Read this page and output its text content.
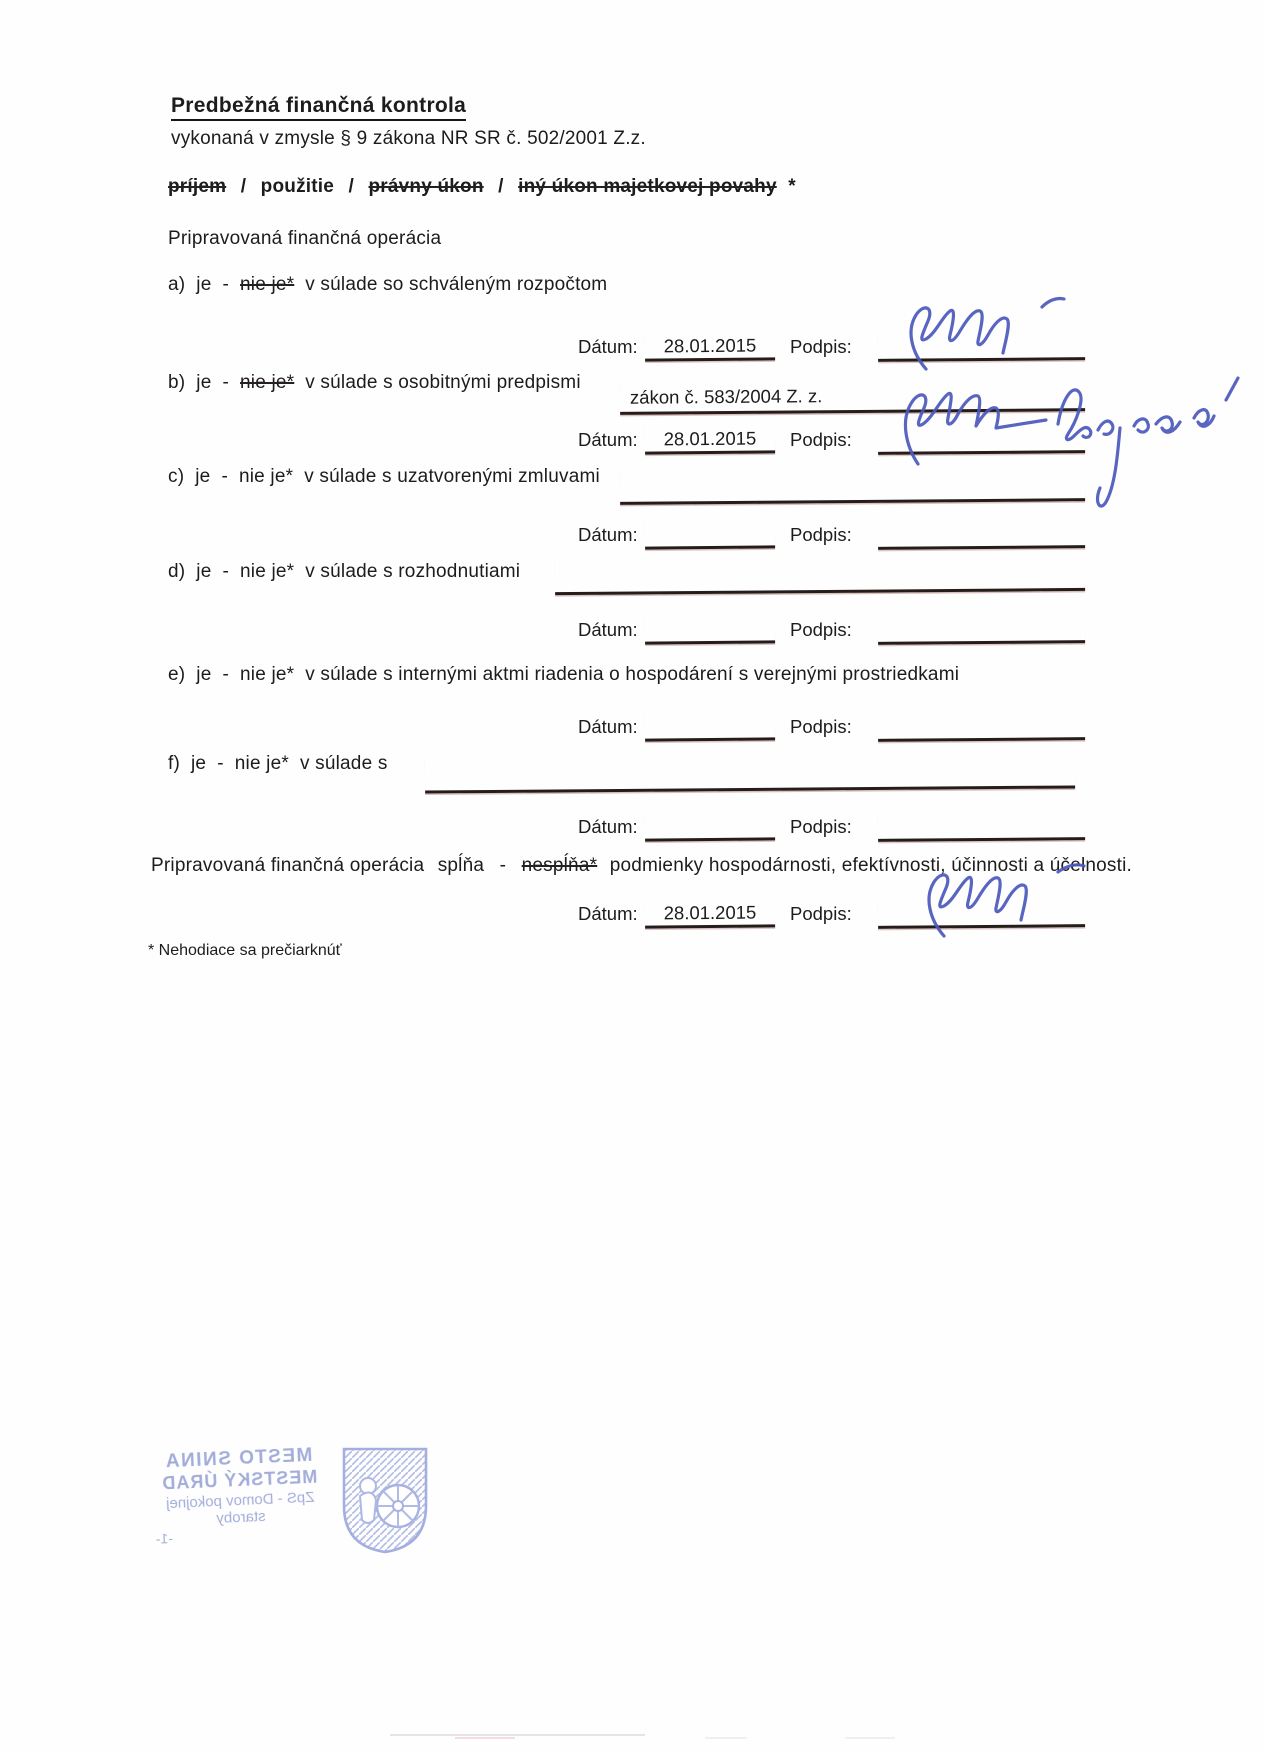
Predbežná finančná kontrola
vykonaná v zmysle § 9 zákona NR SR č. 502/2001 Z.z.
príjem / použitie / právny úkon / iný úkon majetkovej povahy *
Pripravovaná finančná operácia
a) je - nie je* v súlade so schváleným rozpočtom
Dátum:	28.01.2015	Podpis:
b) je - nie je* v súlade s osobitnými predpismi
zákon č. 583/2004 Z. z.
Dátum:	28.01.2015	Podpis:
c) je - nie je* v súlade s uzatvorenými zmluvami
Dátum:	Podpis:
d) je - nie je* v súlade s rozhodnutiami
Dátum:	Podpis:
e) je - nie je* v súlade s internými aktmi riadenia o hospodárení s verejnými prostriedkami
Dátum:	Podpis:
f) je - nie je* v súlade s
Dátum:	Podpis:
Pripravovaná finančná operácia spĺňa - nespĺňa* podmienky hospodárnosti, efektívnosti, účinnosti a účelnosti.
Dátum:	28.01.2015	Podpis:
* Nehodiace sa prečiarknúť
MESTO SNINA
MESTSKÝ ÚRAD
ZpS - Domov pokojnej
staroby
-1-
